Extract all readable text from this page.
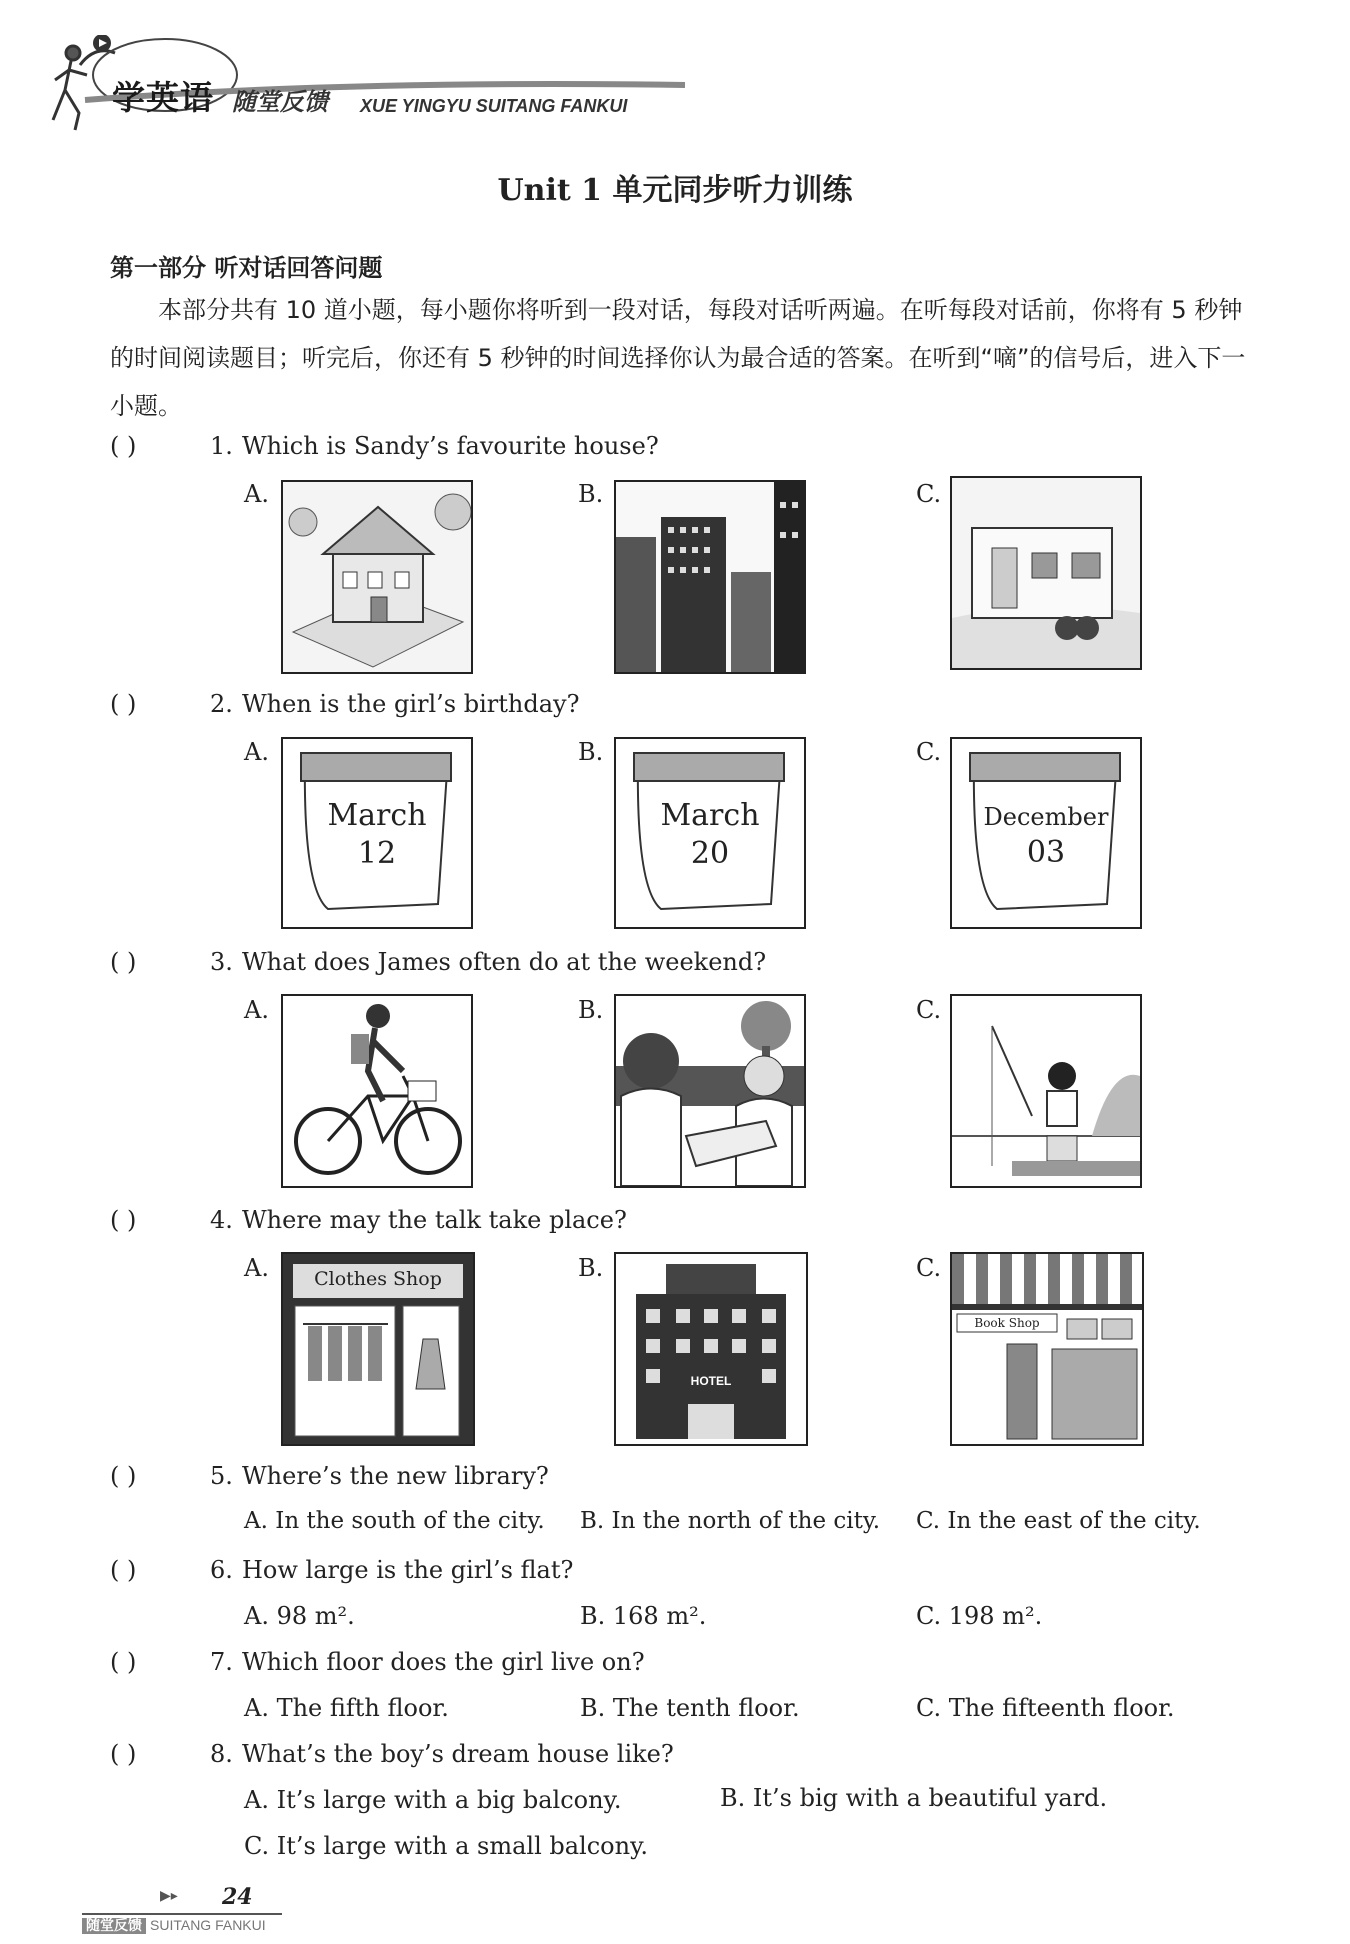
学英语 随堂反馈 XUE YINGYU SUITANG FANKUI
Unit 1 单元同步听力训练
第一部分 听对话回答问题
本部分共有 10 道小题，每小题你将听到一段对话，每段对话听两遍。在听每段对话前，你将有 5 秒钟的时间阅读题目；听完后，你还有 5 秒钟的时间选择你认为最合适的答案。在听到“嘀”的信号后，进入下一小题。
( )	1. Which is Sandy’s favourite house?
A.	B.	C.
( )	2. When is the girl’s birthday?
A.	B.	C.
March
12
March
20
December
03
( )	3. What does James often do at the weekend?
A.	B.	C.
( )	4. Where may the talk take place?
A.	B.	C.
Clothes Shop
HOTEL
Book Shop
( )	5. Where’s the new library?
A. In the south of the city. B. In the north of the city. C. In the east of the city.
( )	6. How large is the girl’s flat?
A. 98 m².	B. 168 m².	C. 198 m².
( )	7. Which floor does the girl live on?
A. The fifth floor.	B. The tenth floor.	C. The fifteenth floor.
( )	8. What’s the boy’s dream house like?
A. It’s large with a big balcony.	B. It’s big with a beautiful yard.
C. It’s large with a small balcony.
▶▸ 24
随堂反馈 SUITANG FANKUI
